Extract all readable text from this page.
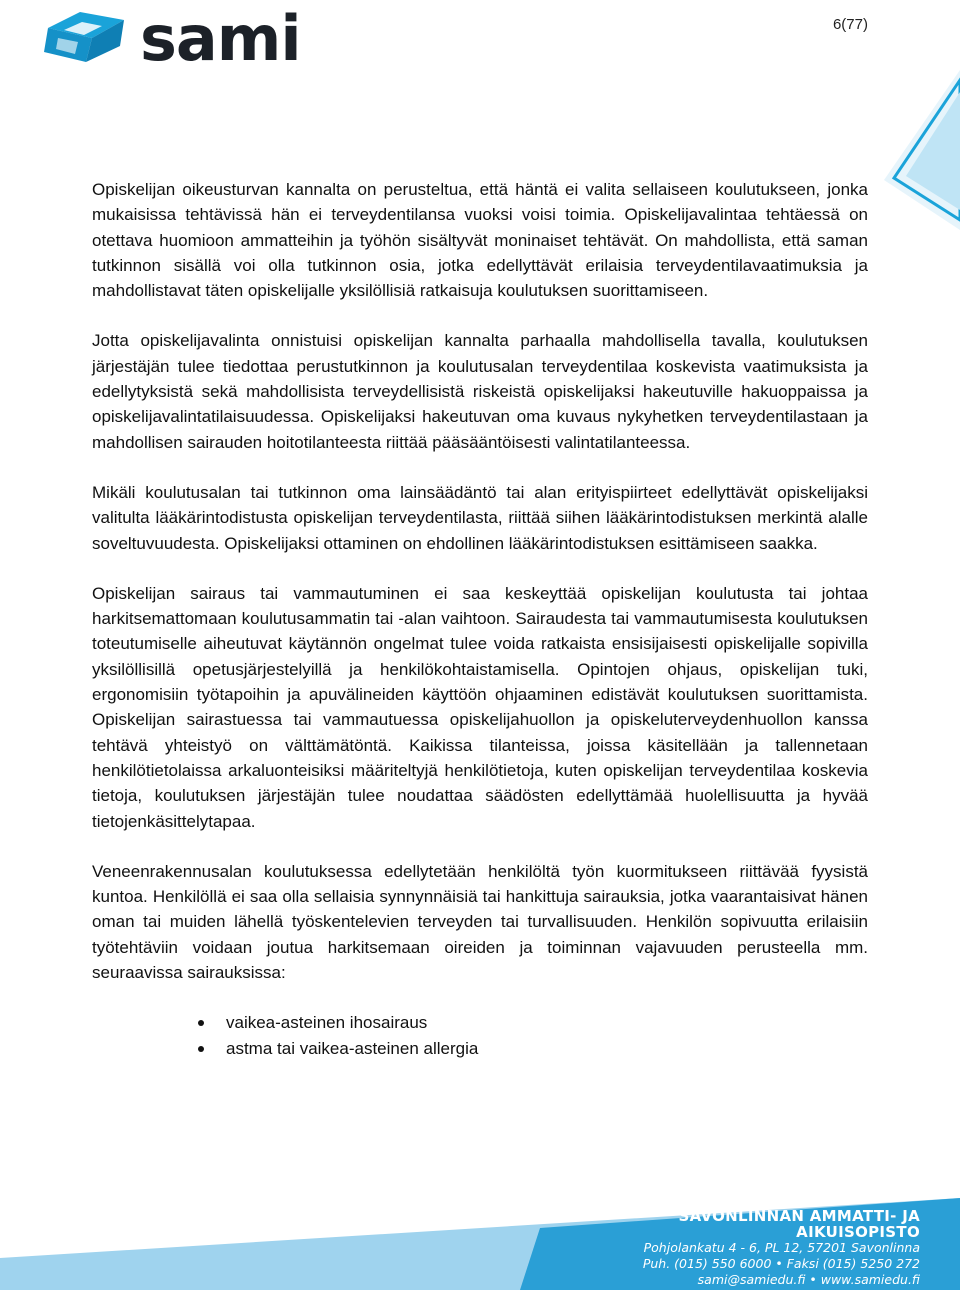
sami	6(77)

Opiskelijan oikeusturvan kannalta on perusteltua, että häntä ei valita sellaiseen koulutukseen, jonka mukaisissa tehtävissä hän ei terveydentilansa vuoksi voisi toimia. Opiskelijavalintaa tehtäessä on otettava huomioon ammatteihin ja työhön sisältyvät moninaiset tehtävät. On mahdollista, että saman tutkinnon sisällä voi olla tutkinnon osia, jotka edellyttävät erilaisia terveydentilavaatimuksia ja mahdollistavat täten opiskelijalle yksilöllisiä ratkaisuja koulutuksen suorittamiseen.

Jotta opiskelijavalinta onnistuisi opiskelijan kannalta parhaalla mahdollisella tavalla, koulutuksen järjestäjän tulee tiedottaa perustutkinnon ja koulutusalan terveydentilaa koskevista vaatimuksista ja edellytyksistä sekä mahdollisista terveydellisistä riskeistä opiskelijaksi hakeutuville hakuoppaissa ja opiskelijavalintatilaisuudessa. Opiskelijaksi hakeutuvan oma kuvaus nykyhetken terveydentilastaan ja mahdollisen sairauden hoitotilanteesta riittää pääsääntöisesti valintatilanteessa.

Mikäli koulutusalan tai tutkinnon oma lainsäädäntö tai alan erityispiirteet edellyttävät opiskelijaksi valitulta lääkärintodistusta opiskelijan terveydentilasta, riittää siihen lääkärintodistuksen merkintä alalle soveltuvuudesta. Opiskelijaksi ottaminen on ehdollinen lääkärintodistuksen esittämiseen saakka.

Opiskelijan sairaus tai vammautuminen ei saa keskeyttää opiskelijan koulutusta tai johtaa harkitsemattomaan koulutusammatin tai -alan vaihtoon. Sairaudesta tai vammautumisesta koulutuksen toteutumiselle aiheutuvat käytännön ongelmat tulee voida ratkaista ensisijaisesti opiskelijalle sopivilla yksilöllisillä opetusjärjestelyillä ja henkilökohtaistamisella. Opintojen ohjaus, opiskelijan tuki, ergonomisiin työtapoihin ja apuvälineiden käyttöön ohjaaminen edistävät koulutuksen suorittamista. Opiskelijan sairastuessa tai vammautuessa opiskelijahuollon ja opiskeluterveydenhuollon kanssa tehtävä yhteistyö on välttämätöntä. Kaikissa tilanteissa, joissa käsitellään ja tallennetaan henkilötietolaissa arkaluonteisiksi määriteltyjä henkilötietoja, kuten opiskelijan terveydentilaa koskevia tietoja, koulutuksen järjestäjän tulee noudattaa säädösten edellyttämää huolellisuutta ja hyvää tietojenkäsittelytapaa.

Veneenrakennusalan koulutuksessa edellytetään henkilöltä työn kuormitukseen riittävää fyysistä kuntoa. Henkilöllä ei saa olla sellaisia synnynnäisiä tai hankittuja sairauksia, jotka vaarantaisivat hänen oman tai muiden lähellä työskentelevien terveyden tai turvallisuuden. Henkilön sopivuutta erilaisiin työtehtäviin voidaan joutua harkitsemaan oireiden ja toiminnan vajavuuden perusteella mm. seuraavissa sairauksissa:

vaikea-asteinen ihosairaus
astma tai vaikea-asteinen allergia
SAVONLINNAN AMMATTI- JA AIKUISOPISTO
Pohjolankatu 4 - 6, PL 12, 57201 Savonlinna
Puh. (015) 550 6000 • Faksi (015) 5250 272
sami@samiedu.fi • www.samiedu.fi
